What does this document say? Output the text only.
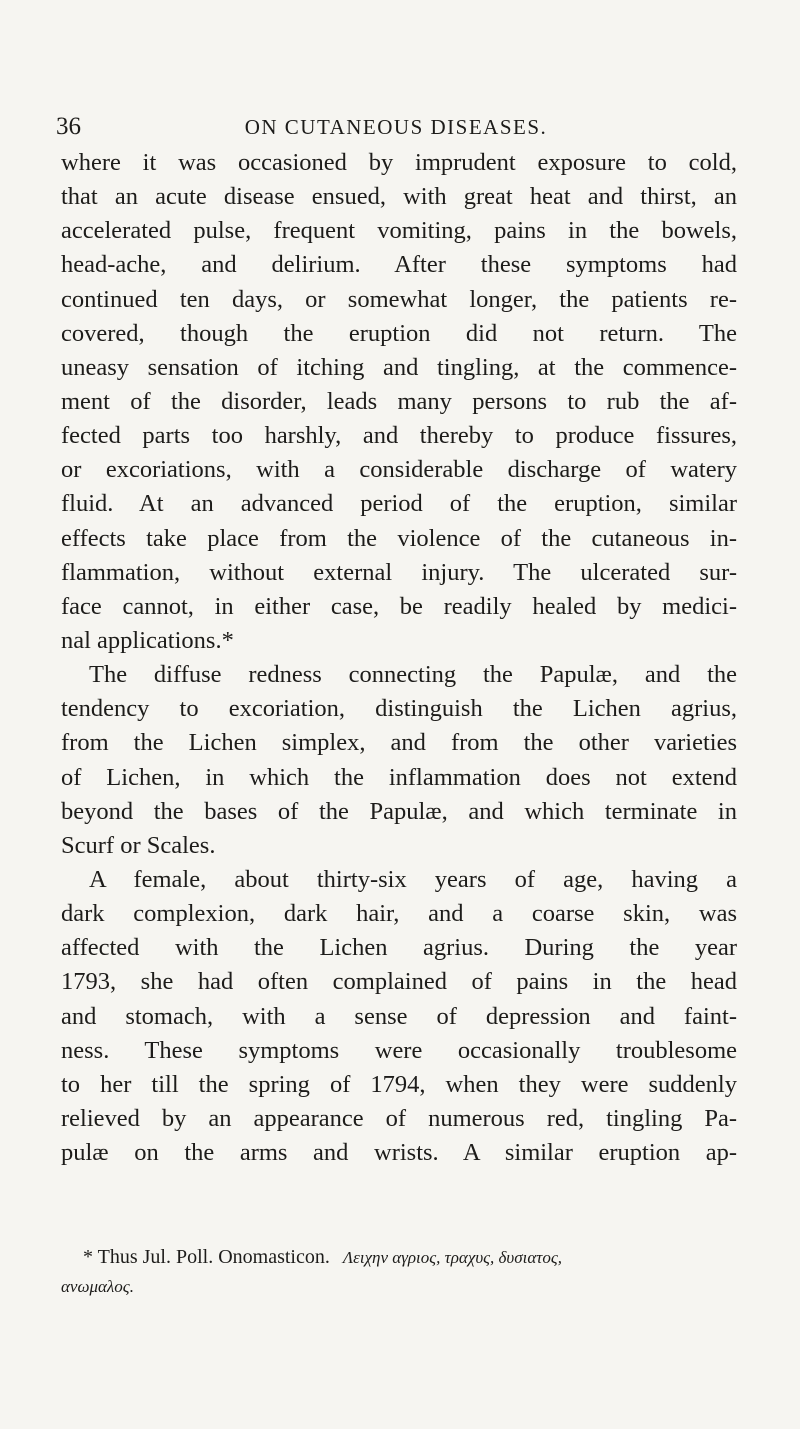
36	ON CUTANEOUS DISEASES.
where it was occasioned by imprudent exposure to cold,
that an acute disease ensued, with great heat and thirst, an
accelerated pulse, frequent vomiting, pains in the bowels,
head-ache, and delirium. After these symptoms had
continued ten days, or somewhat longer, the patients re-
covered, though the eruption did not return. The
uneasy sensation of itching and tingling, at the commence-
ment of the disorder, leads many persons to rub the af-
fected parts too harshly, and thereby to produce fissures,
or excoriations, with a considerable discharge of watery
fluid. At an advanced period of the eruption, similar
effects take place from the violence of the cutaneous in-
flammation, without external injury. The ulcerated sur-
face cannot, in either case, be readily healed by medici-
nal applications.*
The diffuse redness connecting the Papulæ, and the
tendency to excoriation, distinguish the Lichen agrius,
from the Lichen simplex, and from the other varieties
of Lichen, in which the inflammation does not extend
beyond the bases of the Papulæ, and which terminate in
Scurf or Scales.
A female, about thirty-six years of age, having a
dark complexion, dark hair, and a coarse skin, was
affected with the Lichen agrius. During the year
1793, she had often complained of pains in the head
and stomach, with a sense of depression and faint-
ness. These symptoms were occasionally troublesome
to her till the spring of 1794, when they were suddenly
relieved by an appearance of numerous red, tingling Pa-
pulæ on the arms and wrists. A similar eruption ap-
* Thus Jul. Poll. Onomasticon. Λειχην αγριος, τραχυς, δυσιατος,
ανωμαλος.
